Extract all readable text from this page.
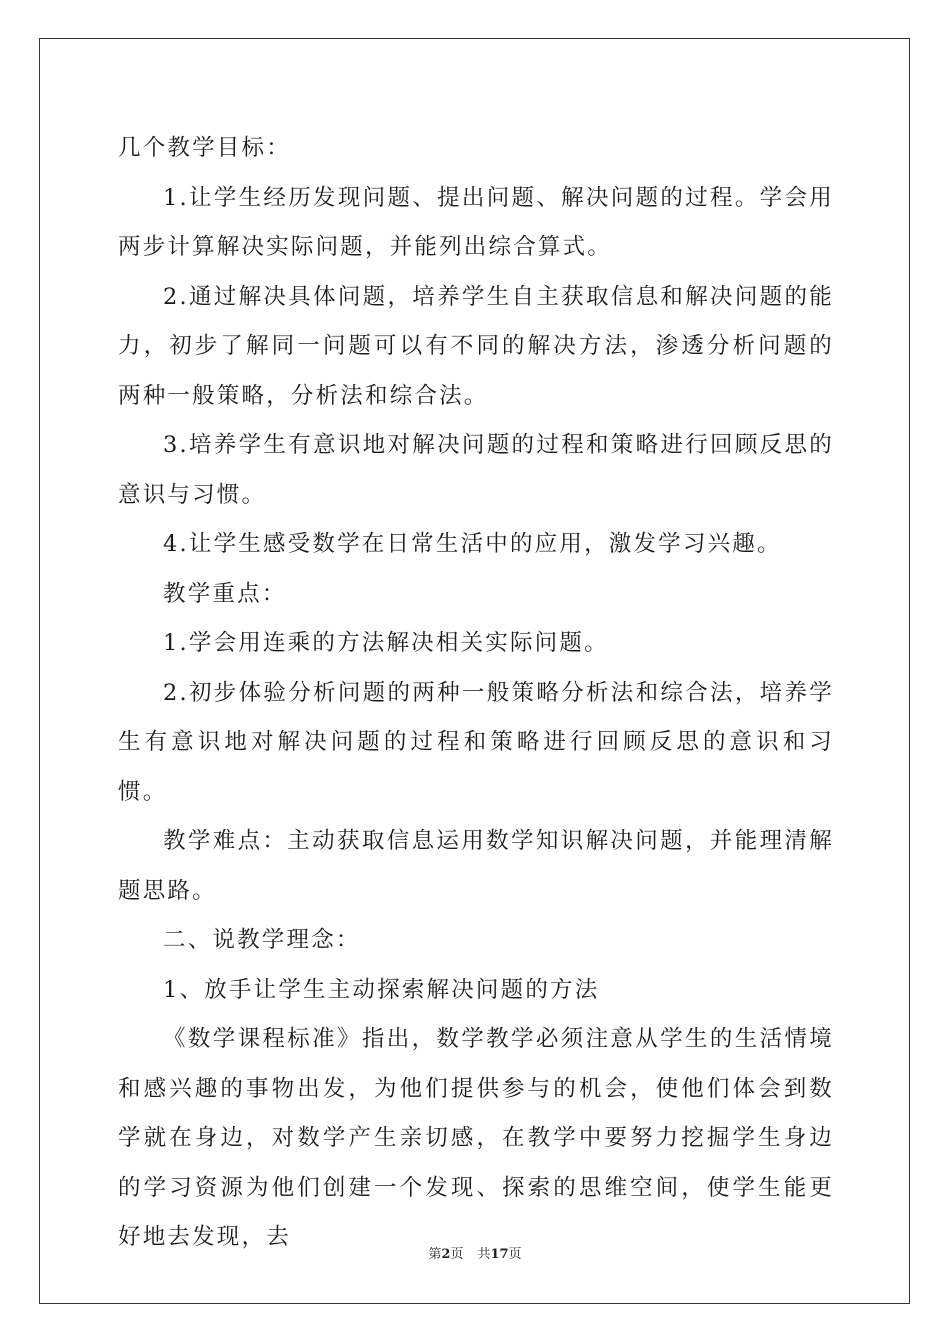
几个教学目标：

1.让学生经历发现问题、提出问题、解决问题的过程。学会用两步计算解决实际问题，并能列出综合算式。

2.通过解决具体问题，培养学生自主获取信息和解决问题的能力，初步了解同一问题可以有不同的解决方法，渗透分析问题的两种一般策略，分析法和综合法。

3.培养学生有意识地对解决问题的过程和策略进行回顾反思的意识与习惯。

4.让学生感受数学在日常生活中的应用，激发学习兴趣。

教学重点：

1.学会用连乘的方法解决相关实际问题。

2.初步体验分析问题的两种一般策略分析法和综合法，培养学生有意识地对解决问题的过程和策略进行回顾反思的意识和习惯。

教学难点：主动获取信息运用数学知识解决问题，并能理清解题思路。

二、说教学理念：

1、放手让学生主动探索解决问题的方法

《数学课程标准》指出，数学教学必须注意从学生的生活情境和感兴趣的事物出发，为他们提供参与的机会，使他们体会到数学就在身边，对数学产生亲切感，在教学中要努力挖掘学生身边的学习资源为他们创建一个发现、探索的思维空间，使学生能更好地去发现，去

第2页 共17页
